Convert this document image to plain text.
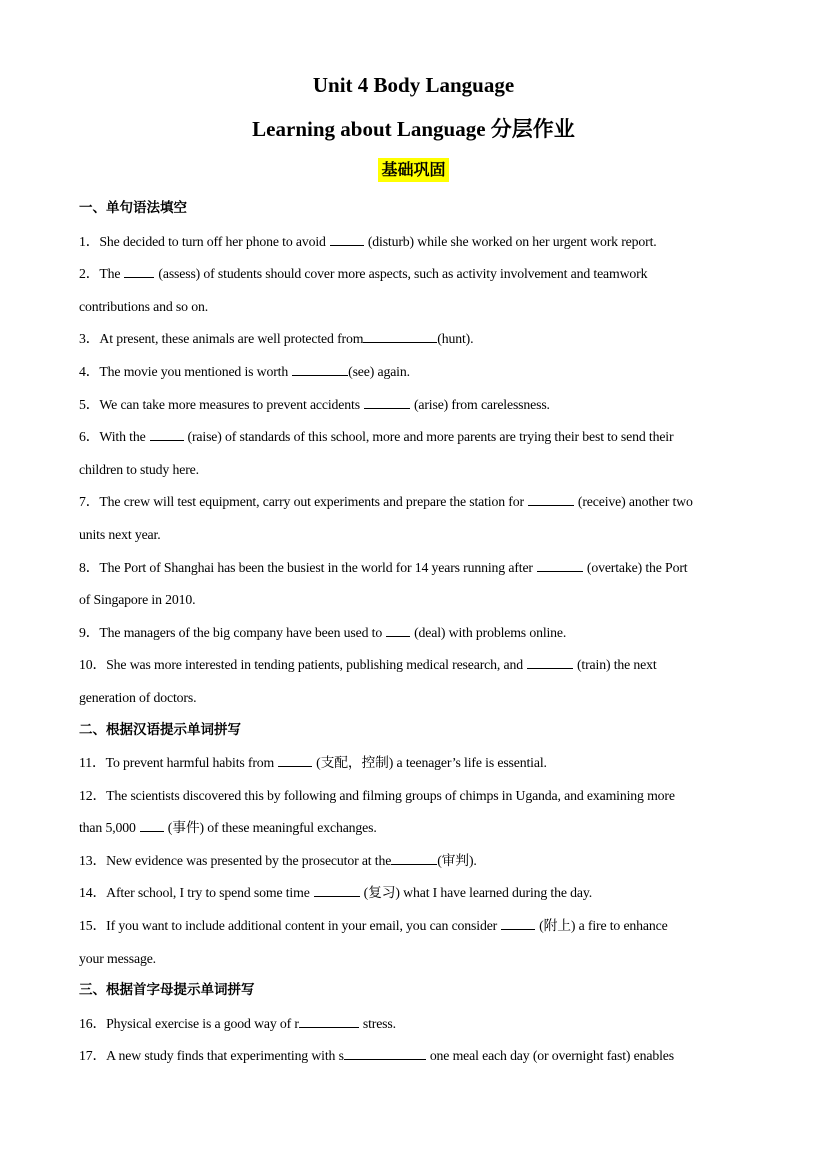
Unit 4 Body Language
Learning about Language 分层作业
基础巩固
一、单句语法填空
1．She decided to turn off her phone to avoid	(disturb) while she worked on her urgent work report.
2．The	(assess) of students should cover more aspects, such as activity involvement and teamwork
contributions and so on.
3．At present, these animals are well protected from	(hunt).
4．The movie you mentioned is worth	(see) again.
5．We can take more measures to prevent accidents	(arise) from carelessness.
6．With the	(raise) of standards of this school, more and more parents are trying their best to send their
children to study here.
7．The crew will test equipment, carry out experiments and prepare the station for	(receive) another two
units next year.
8．The Port of Shanghai has been the busiest in the world for 14 years running after	(overtake) the Port
of Singapore in 2010.
9．The managers of the big company have been used to (deal) with problems online.
10．She was more interested in tending patients, publishing medical research, and	(train) the next
generation of doctors.
二、根据汉语提示单词拼写
11．To prevent harmful habits from	(支配，控制) a teenager’s life is essential.
12．The scientists discovered this by following and filming groups of chimps in Uganda, and examining more
than 5,000 (事件) of these meaningful exchanges.
13．New evidence was presented by the prosecutor at the	(审判).
14．After school, I try to spend some time	(复习) what I have learned during the day.
15．If you want to include additional content in your email, you can consider	(附上) a fire to enhance
your message.
三、根据首字母提示单词拼写
16．Physical exercise is a good way of r	stress.
17．A new study finds that experimenting with s	one meal each day (or overnight fast) enables
